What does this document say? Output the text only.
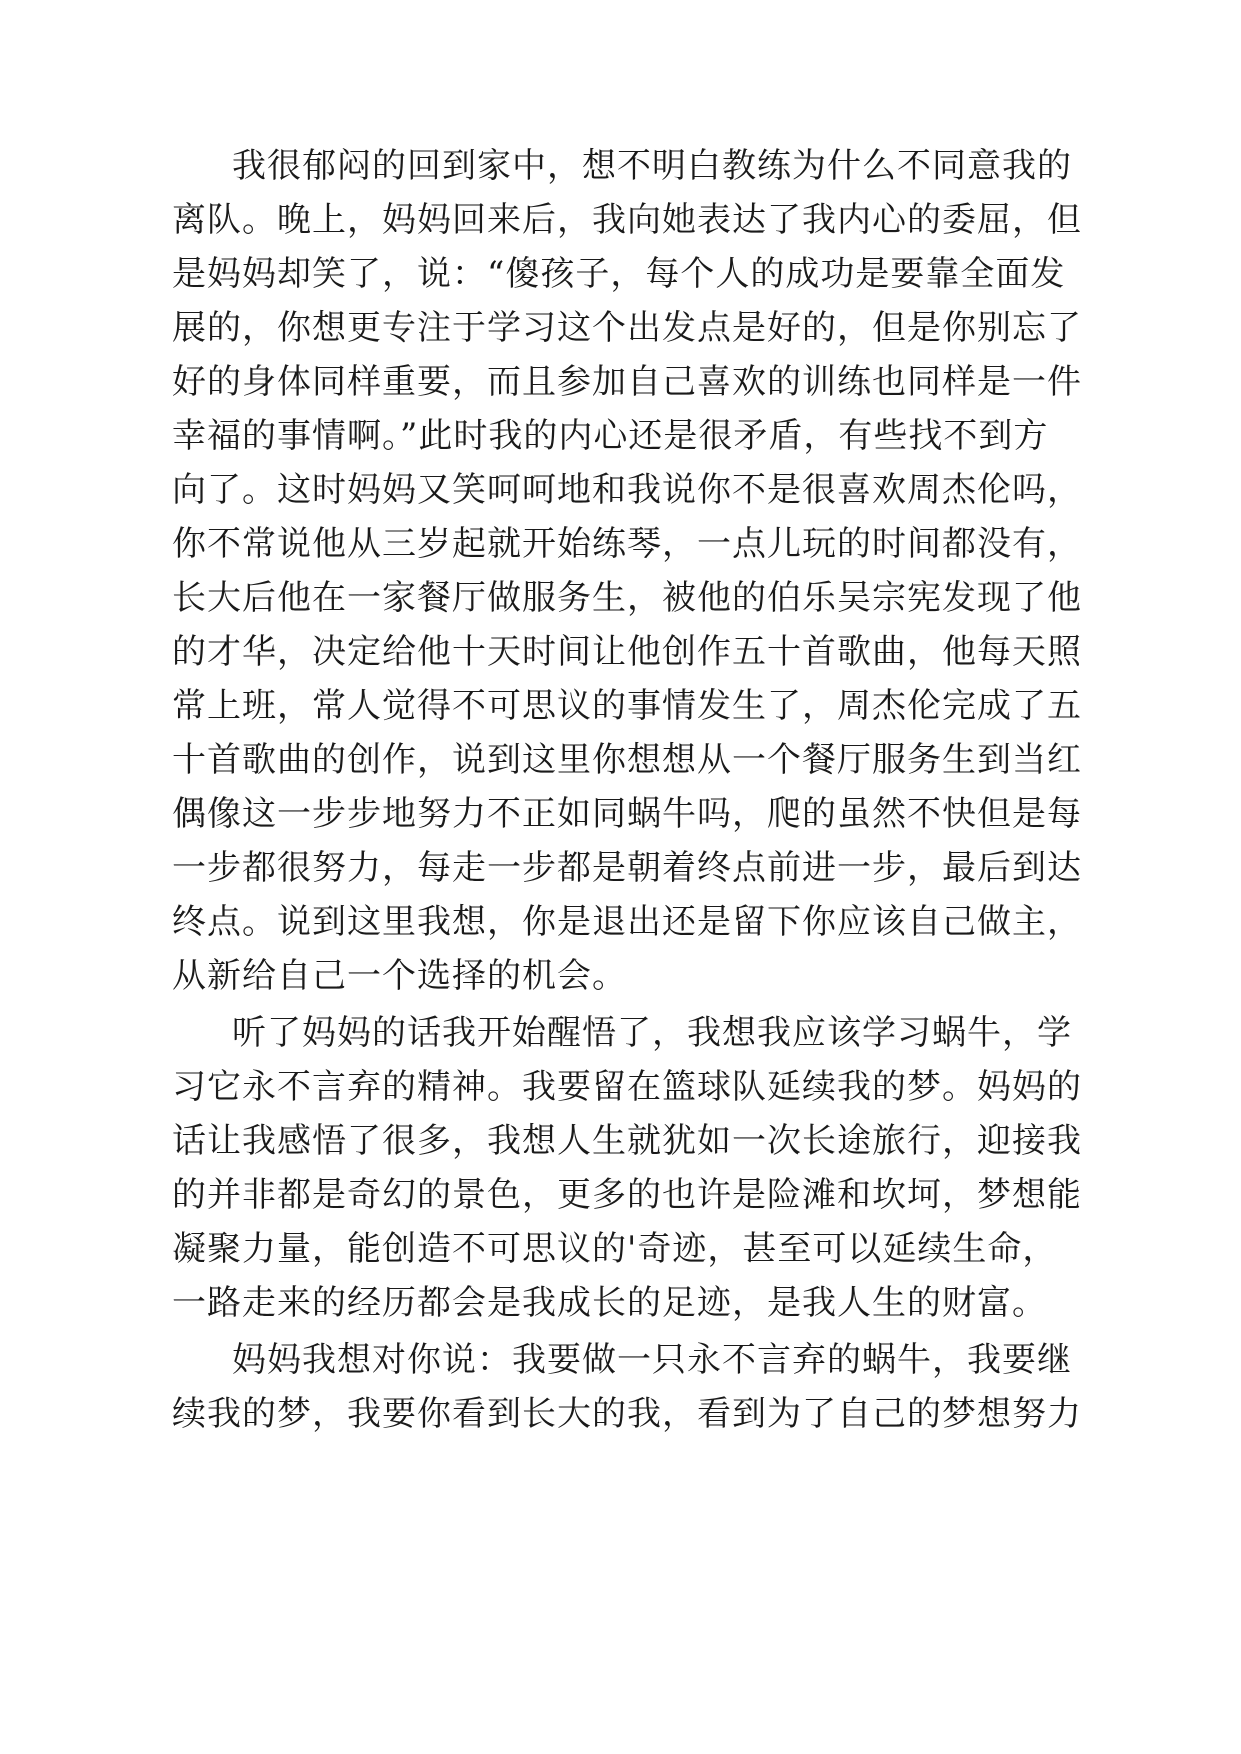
我很郁闷的回到家中，想不明白教练为什么不同意我的
离队。晚上，妈妈回来后，我向她表达了我内心的委屈，但
是妈妈却笑了，说：“傻孩子，每个人的成功是要靠全面发
展的，你想更专注于学习这个出发点是好的，但是你别忘了
好的身体同样重要，而且参加自己喜欢的训练也同样是一件
幸福的事情啊。”此时我的内心还是很矛盾，有些找不到方
向了。这时妈妈又笑呵呵地和我说你不是很喜欢周杰伦吗，
你不常说他从三岁起就开始练琴，一点儿玩的时间都没有，
长大后他在一家餐厅做服务生，被他的伯乐吴宗宪发现了他
的才华，决定给他十天时间让他创作五十首歌曲，他每天照
常上班，常人觉得不可思议的事情发生了，周杰伦完成了五
十首歌曲的创作，说到这里你想想从一个餐厅服务生到当红
偶像这一步步地努力不正如同蜗牛吗，爬的虽然不快但是每
一步都很努力，每走一步都是朝着终点前进一步，最后到达
终点。说到这里我想，你是退出还是留下你应该自己做主，
从新给自己一个选择的机会。
听了妈妈的话我开始醒悟了，我想我应该学习蜗牛，学
习它永不言弃的精神。我要留在篮球队延续我的梦。妈妈的
话让我感悟了很多，我想人生就犹如一次长途旅行，迎接我
的并非都是奇幻的景色，更多的也许是险滩和坎坷，梦想能
凝聚力量，能创造不可思议的'奇迹，甚至可以延续生命，
一路走来的经历都会是我成长的足迹，是我人生的财富。
妈妈我想对你说：我要做一只永不言弃的蜗牛，我要继
续我的梦，我要你看到长大的我，看到为了自己的梦想努力
